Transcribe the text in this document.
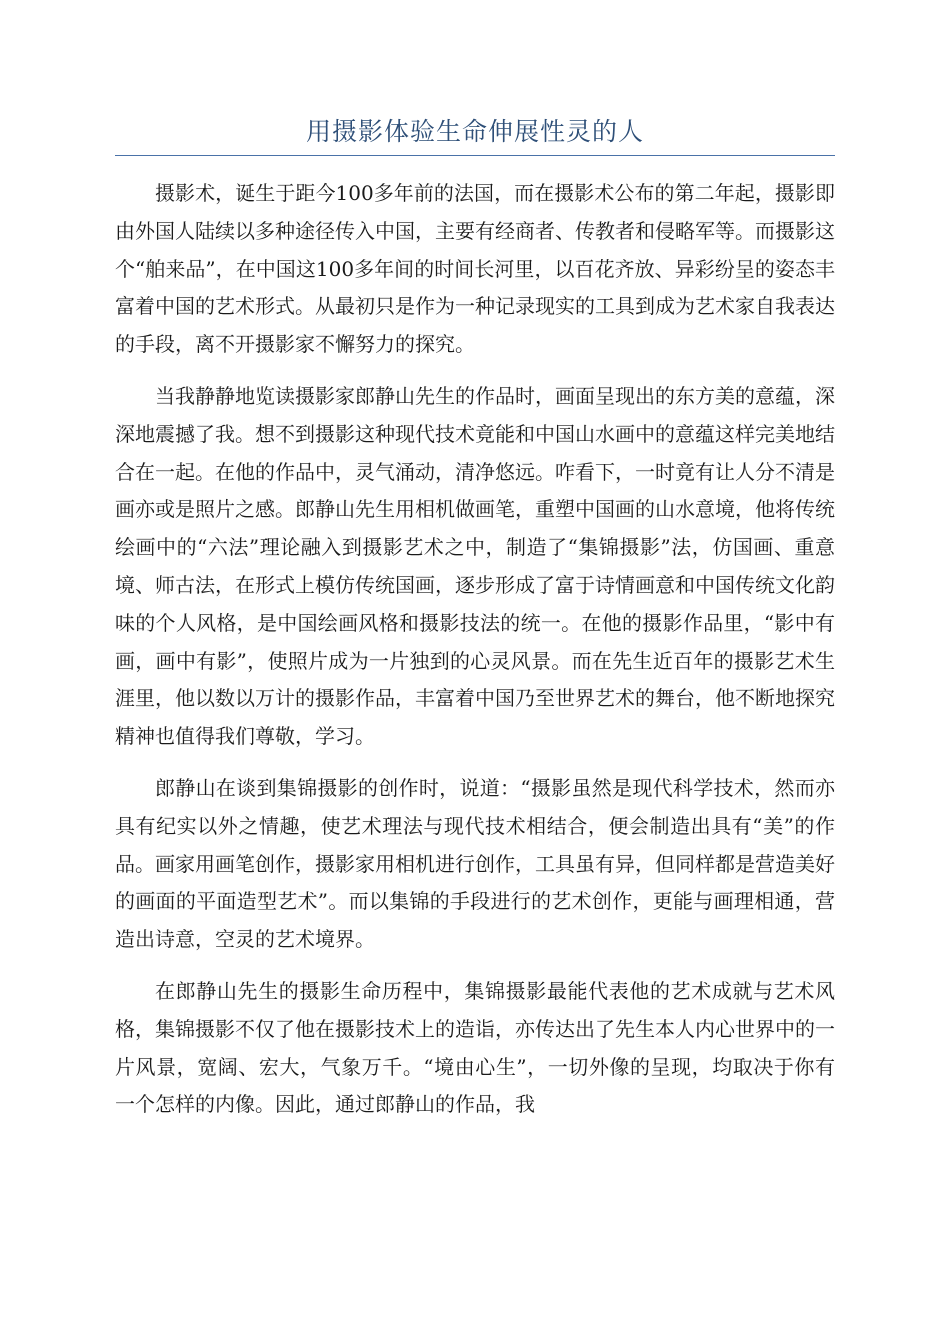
用摄影体验生命伸展性灵的人

摄影术，诞生于距今100多年前的法国，而在摄影术公布的第二年起，摄影即由外国人陆续以多种途径传入中国，主要有经商者、传教者和侵略军等。而摄影这个“舶来品”，在中国这100多年间的时间长河里，以百花齐放、异彩纷呈的姿态丰富着中国的艺术形式。从最初只是作为一种记录现实的工具到成为艺术家自我表达的手段，离不开摄影家不懈努力的探究。

当我静静地览读摄影家郎静山先生的作品时，画面呈现出的东方美的意蕴，深深地震撼了我。想不到摄影这种现代技术竟能和中国山水画中的意蕴这样完美地结合在一起。在他的作品中，灵气涌动，清净悠远。咋看下，一时竟有让人分不清是画亦或是照片之感。郎静山先生用相机做画笔，重塑中国画的山水意境，他将传统绘画中的“六法”理论融入到摄影艺术之中，制造了“集锦摄影”法，仿国画、重意境、师古法，在形式上模仿传统国画，逐步形成了富于诗情画意和中国传统文化韵味的个人风格，是中国绘画风格和摄影技法的统一。在他的摄影作品里，“影中有画，画中有影”，使照片成为一片独到的心灵风景。而在先生近百年的摄影艺术生涯里，他以数以万计的摄影作品，丰富着中国乃至世界艺术的舞台，他不断地探究精神也值得我们尊敬，学习。

郎静山在谈到集锦摄影的创作时，说道：“摄影虽然是现代科学技术，然而亦具有纪实以外之情趣，使艺术理法与现代技术相结合，便会制造出具有“美”的作品。画家用画笔创作，摄影家用相机进行创作，工具虽有异，但同样都是营造美好的画面的平面造型艺术”。而以集锦的手段进行的艺术创作，更能与画理相通，营造出诗意，空灵的艺术境界。

在郎静山先生的摄影生命历程中，集锦摄影最能代表他的艺术成就与艺术风格，集锦摄影不仅了他在摄影技术上的造诣，亦传达出了先生本人内心世界中的一片风景，宽阔、宏大，气象万千。“境由心生”，一切外像的呈现，均取决于你有一个怎样的内像。因此，通过郎静山的作品，我
